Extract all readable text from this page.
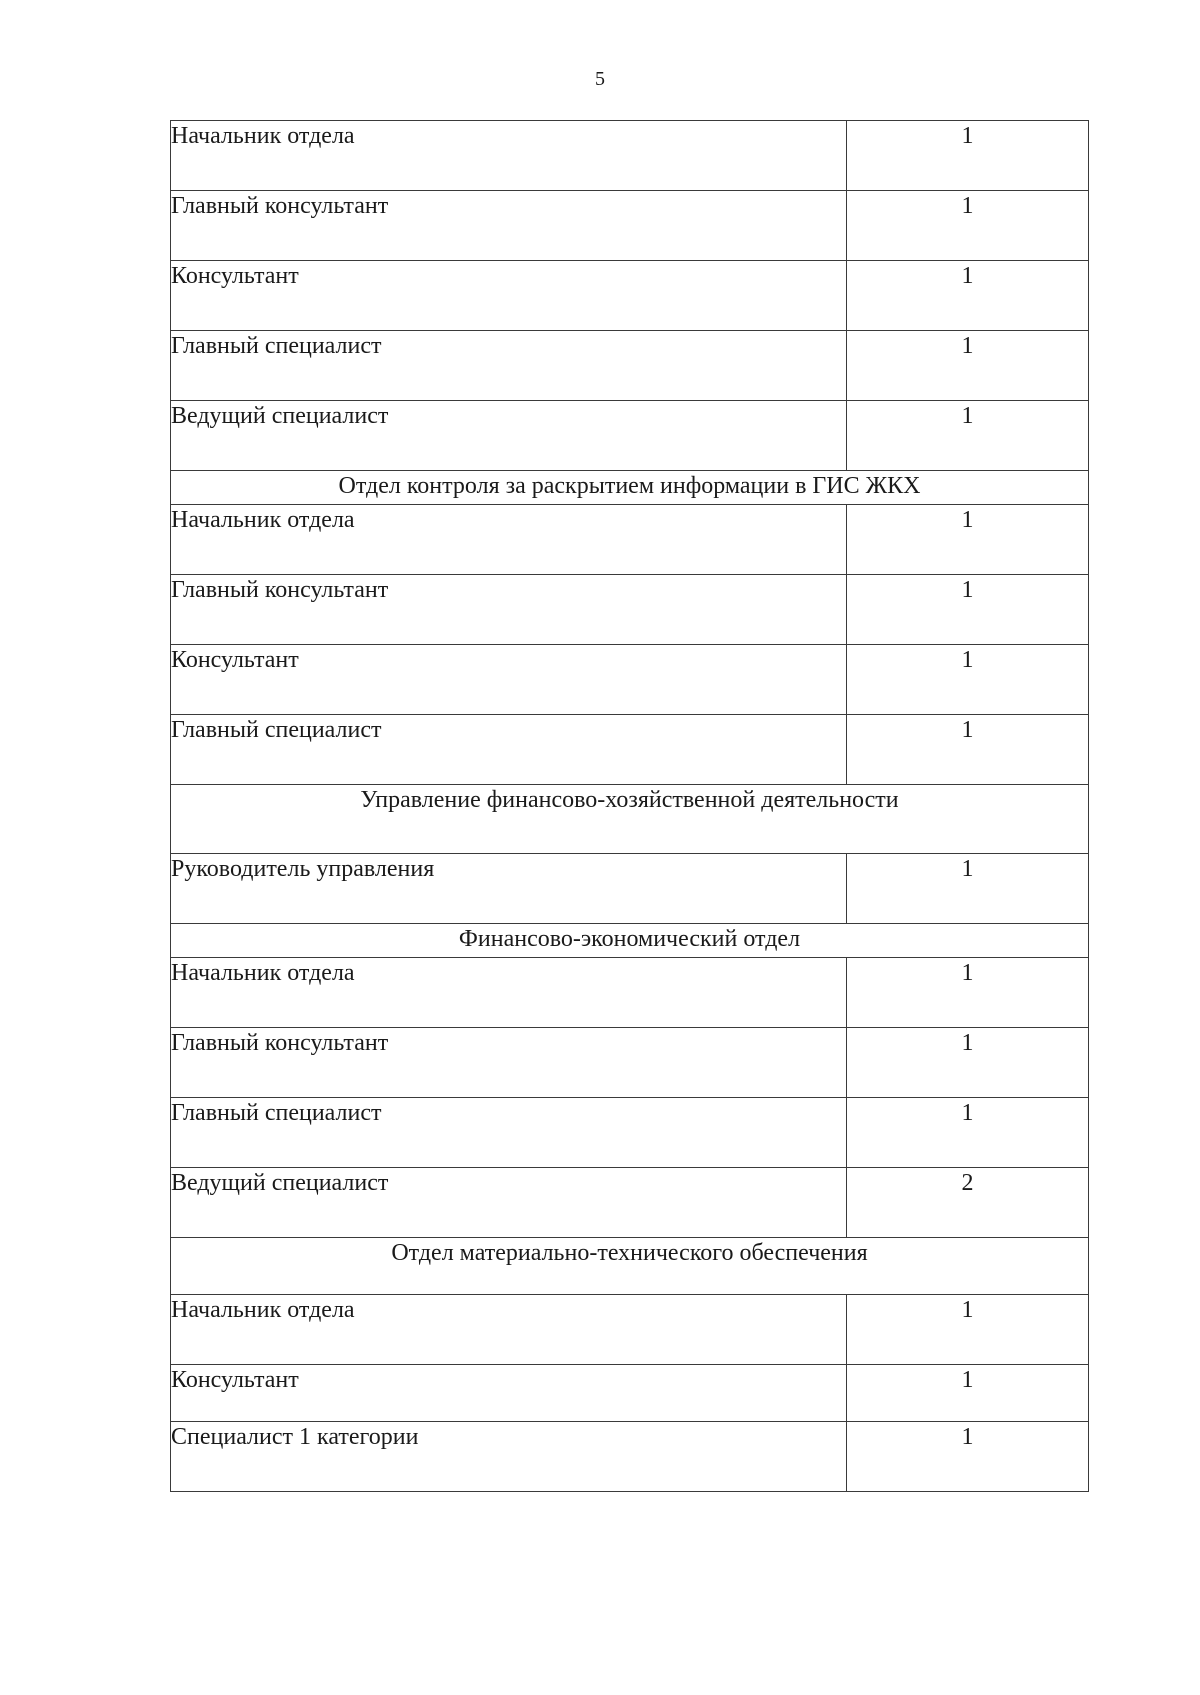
5
Начальник отдела	1
Главный консультант	1
Консультант	1
Главный специалист	1
Ведущий специалист	1
Отдел контроля за раскрытием информации в ГИС ЖКХ	
Начальник отдела	1
Главный консультант	1
Консультант	1
Главный специалист	1
Управление финансово-хозяйственной деятельности	
Руководитель управления	1
Финансово-экономический отдел	
Начальник отдела	1
Главный консультант	1
Главный специалист	1
Ведущий специалист	2
Отдел материально-технического обеспечения	
Начальник отдела	1
Консультант	1
Специалист 1 категории	1
